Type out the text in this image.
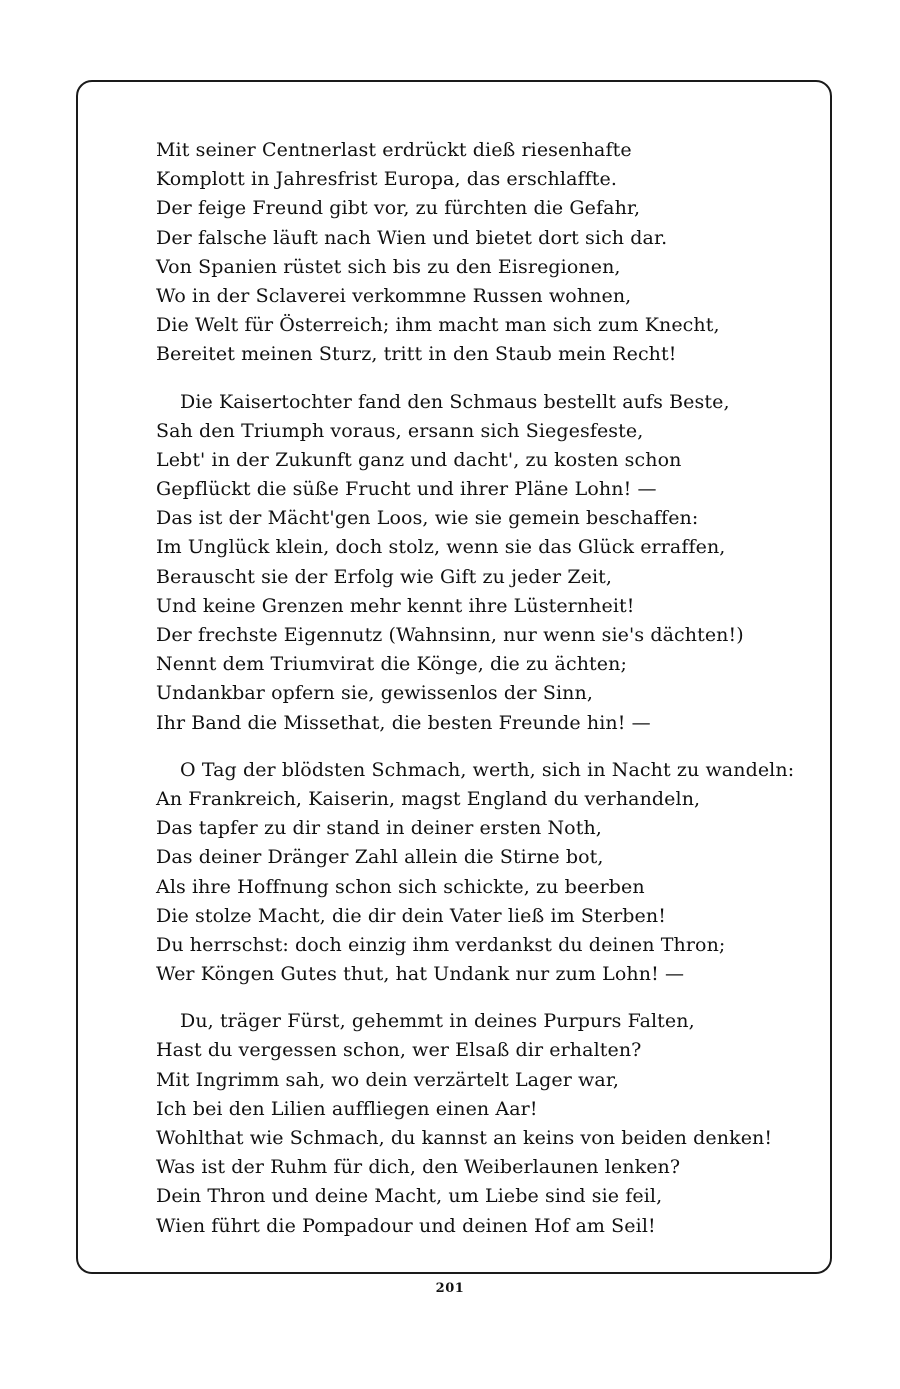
Mit seiner Centnerlast erdrückt dieß riesenhafte
Komplott in Jahresfrist Europa, das erschlaffte.
Der feige Freund gibt vor, zu fürchten die Gefahr,
Der falsche läuft nach Wien und bietet dort sich dar.
Von Spanien rüstet sich bis zu den Eisregionen,
Wo in der Sclaverei verkommne Russen wohnen,
Die Welt für Österreich; ihm macht man sich zum Knecht,
Bereitet meinen Sturz, tritt in den Staub mein Recht!
Die Kaisertochter fand den Schmaus bestellt aufs Beste,
Sah den Triumph voraus, ersann sich Siegesfeste,
Lebt' in der Zukunft ganz und dacht', zu kosten schon
Gepflückt die süße Frucht und ihrer Pläne Lohn! —
Das ist der Mächt'gen Loos, wie sie gemein beschaffen:
Im Unglück klein, doch stolz, wenn sie das Glück erraffen,
Berauscht sie der Erfolg wie Gift zu jeder Zeit,
Und keine Grenzen mehr kennt ihre Lüsternheit!
Der frechste Eigennutz (Wahnsinn, nur wenn sie's dächten!)
Nennt dem Triumvirat die Könge, die zu ächten;
Undankbar opfern sie, gewissenlos der Sinn,
Ihr Band die Missethat, die besten Freunde hin! —
O Tag der blödsten Schmach, werth, sich in Nacht zu wandeln:
An Frankreich, Kaiserin, magst England du verhandeln,
Das tapfer zu dir stand in deiner ersten Noth,
Das deiner Dränger Zahl allein die Stirne bot,
Als ihre Hoffnung schon sich schickte, zu beerben
Die stolze Macht, die dir dein Vater ließ im Sterben!
Du herrschst: doch einzig ihm verdankst du deinen Thron;
Wer Köngen Gutes thut, hat Undank nur zum Lohn! —
Du, träger Fürst, gehemmt in deines Purpurs Falten,
Hast du vergessen schon, wer Elsaß dir erhalten?
Mit Ingrimm sah, wo dein verzärtelt Lager war,
Ich bei den Lilien auffliegen einen Aar!
Wohlthat wie Schmach, du kannst an keins von beiden denken!
Was ist der Ruhm für dich, den Weiberlaunen lenken?
Dein Thron und deine Macht, um Liebe sind sie feil,
Wien führt die Pompadour und deinen Hof am Seil!
201
